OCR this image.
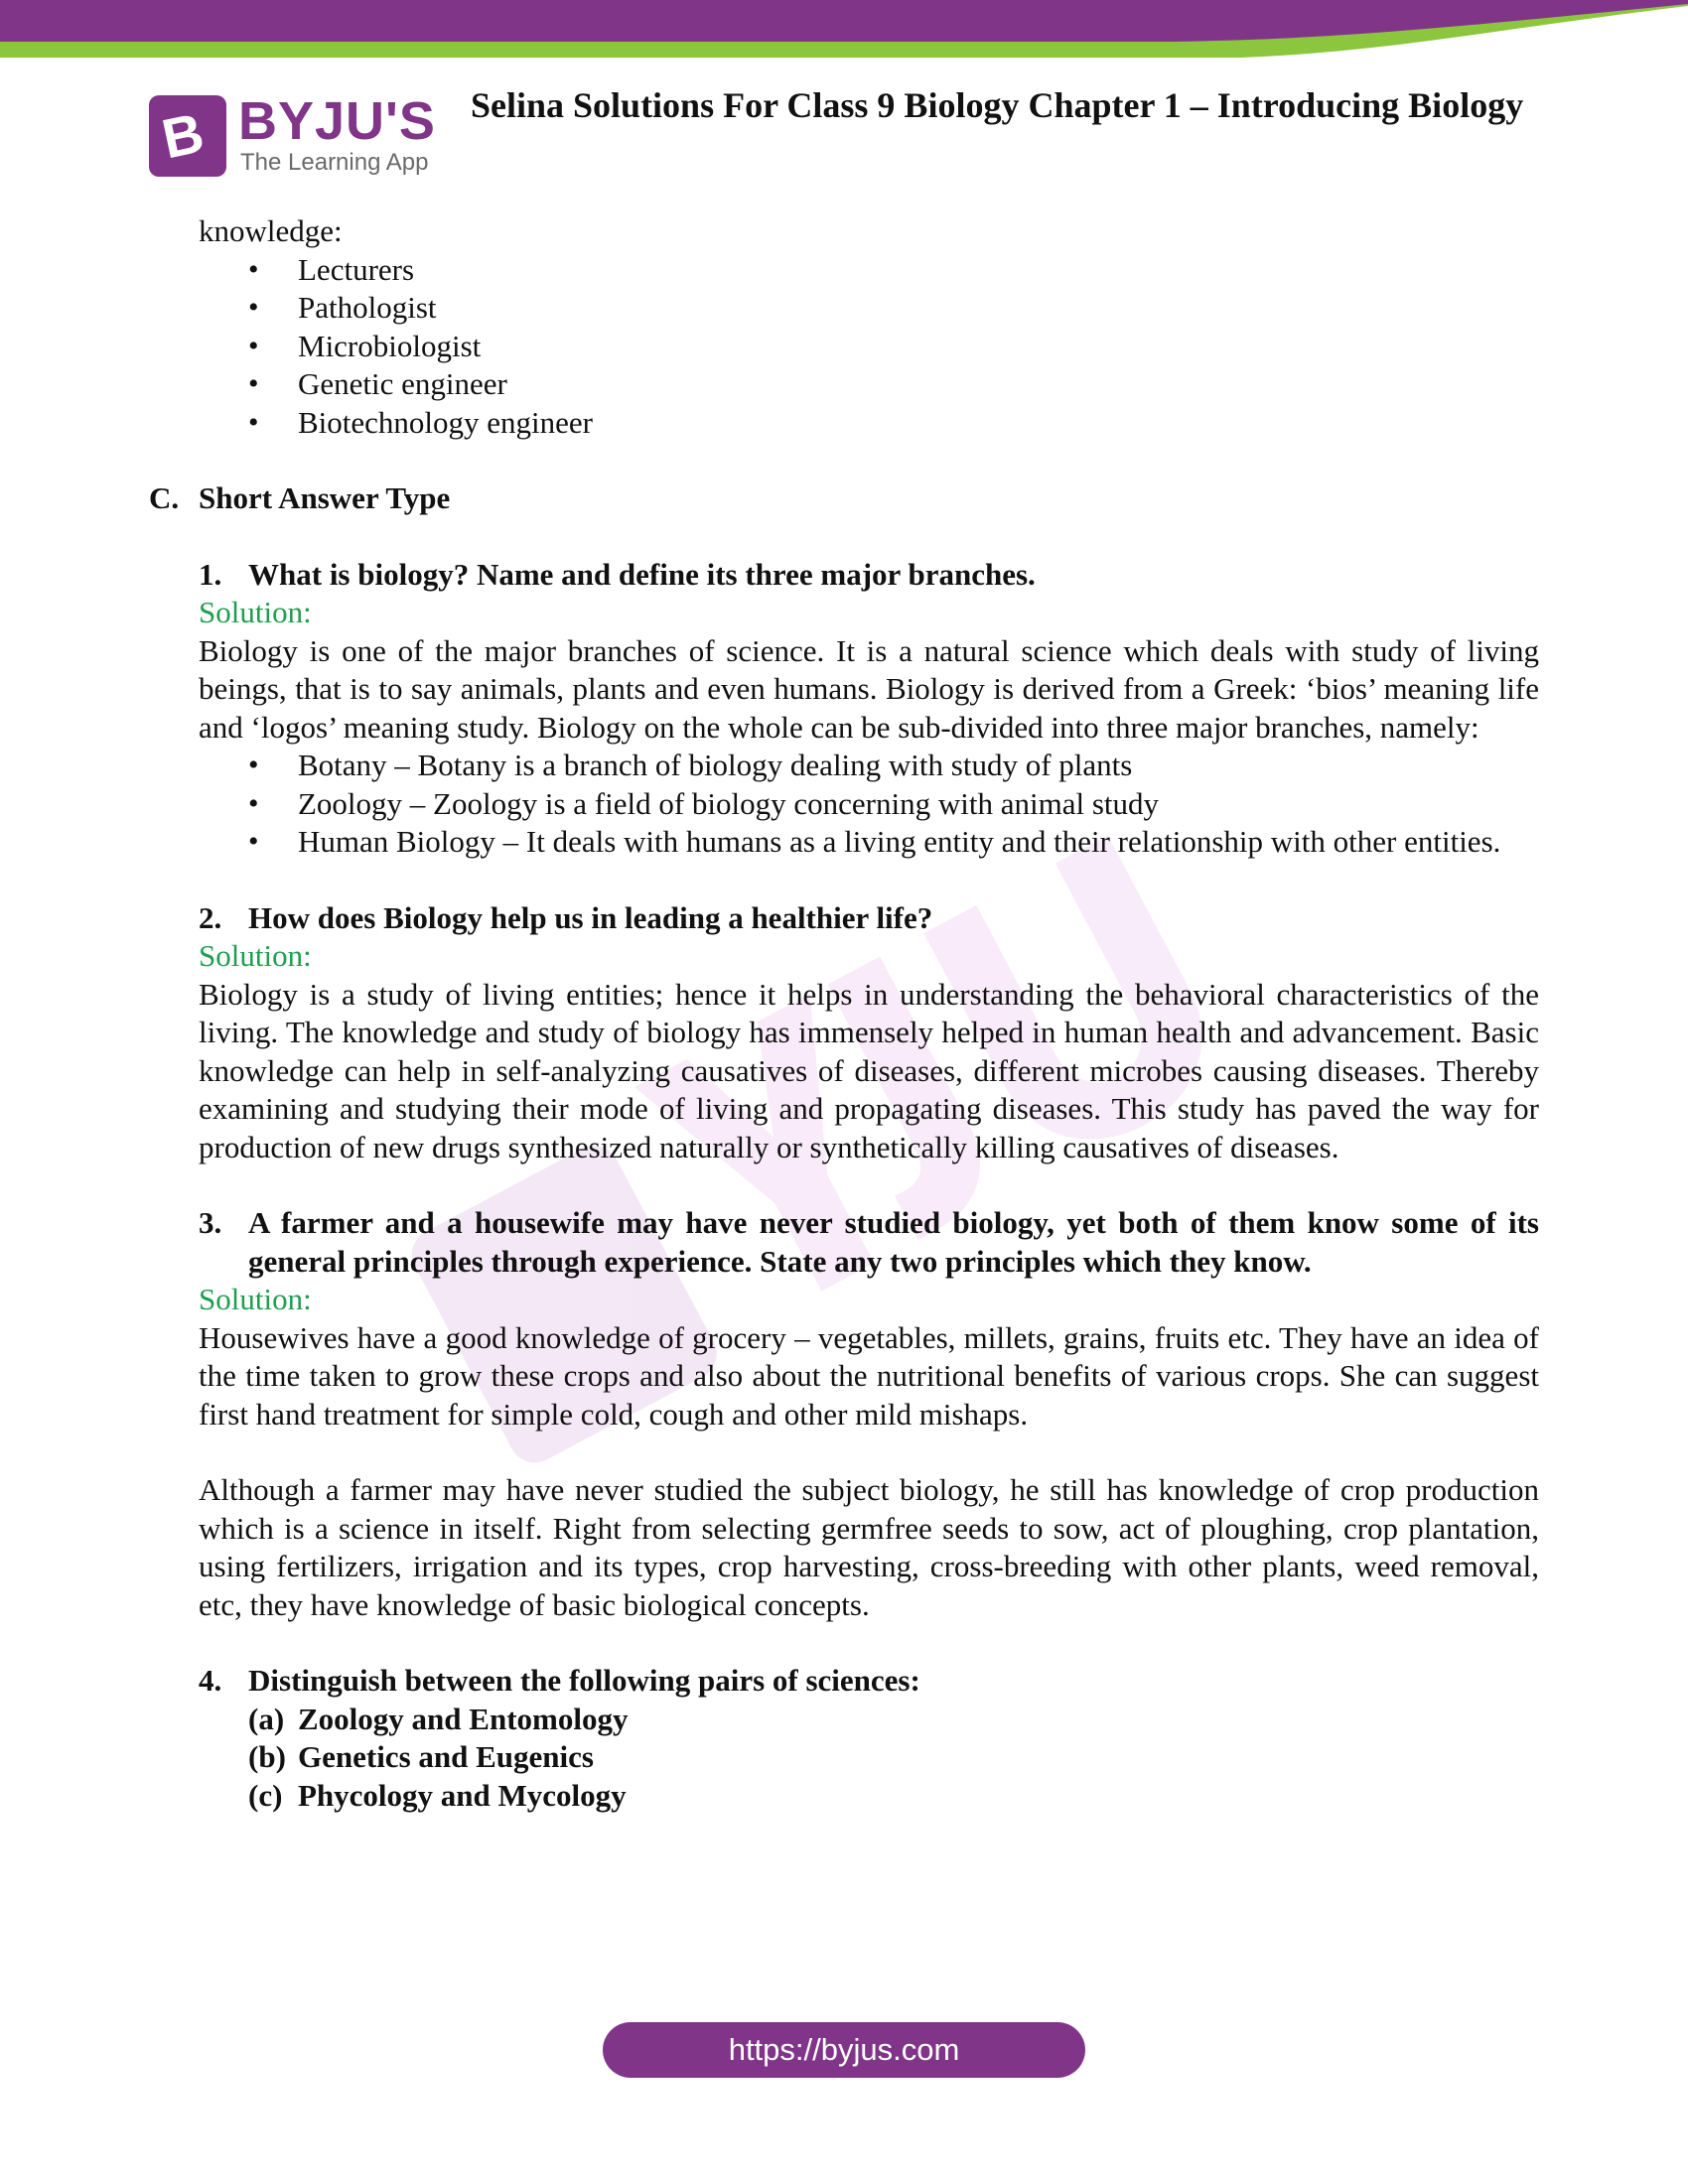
B BYJU'S
The Learning App
Selina Solutions For Class 9 Biology Chapter 1 – Introducing Biology

knowledge:

• Lecturers
• Pathologist
• Microbiologist
• Genetic engineer
• Biotechnology engineer
C. Short Answer Type
1. What is biology? Name and define its three major branches.
Solution:

Biology is one of the major branches of science. It is a natural science which deals with study of living beings, that is to say animals, plants and even humans. Biology is derived from a Greek: ‘bios’ meaning life and ‘logos’ meaning study. Biology on the whole can be sub-divided into three major branches, namely:

• Botany – Botany is a branch of biology dealing with study of plants
• Zoology – Zoology is a field of biology concerning with animal study
• Human Biology – It deals with humans as a living entity and their relationship with other entities.
2. How does Biology help us in leading a healthier life?
Solution:

Biology is a study of living entities; hence it helps in understanding the behavioral characteristics of the living. The knowledge and study of biology has immensely helped in human health and advancement. Basic knowledge can help in self-analyzing causatives of diseases, different microbes causing diseases. Thereby examining and studying their mode of living and propagating diseases. This study has paved the way for production of new drugs synthesized naturally or synthetically killing causatives of diseases.

3. A farmer and a housewife may have never studied biology, yet both of them know some of its general principles through experience. State any two principles which they know.
Solution:

Housewives have a good knowledge of grocery – vegetables, millets, grains, fruits etc. They have an idea of the time taken to grow these crops and also about the nutritional benefits of various crops. She can suggest first hand treatment for simple cold, cough and other mild mishaps.

Although a farmer may have never studied the subject biology, he still has knowledge of crop production which is a science in itself. Right from selecting germfree seeds to sow, act of ploughing, crop plantation, using fertilizers, irrigation and its types, crop harvesting, cross-breeding with other plants, weed removal, etc, they have knowledge of basic biological concepts.

4. Distinguish between the following pairs of sciences:
(a) Zoology and Entomology
(b) Genetics and Eugenics
(c) Phycology and Mycology
https://byjus.com
